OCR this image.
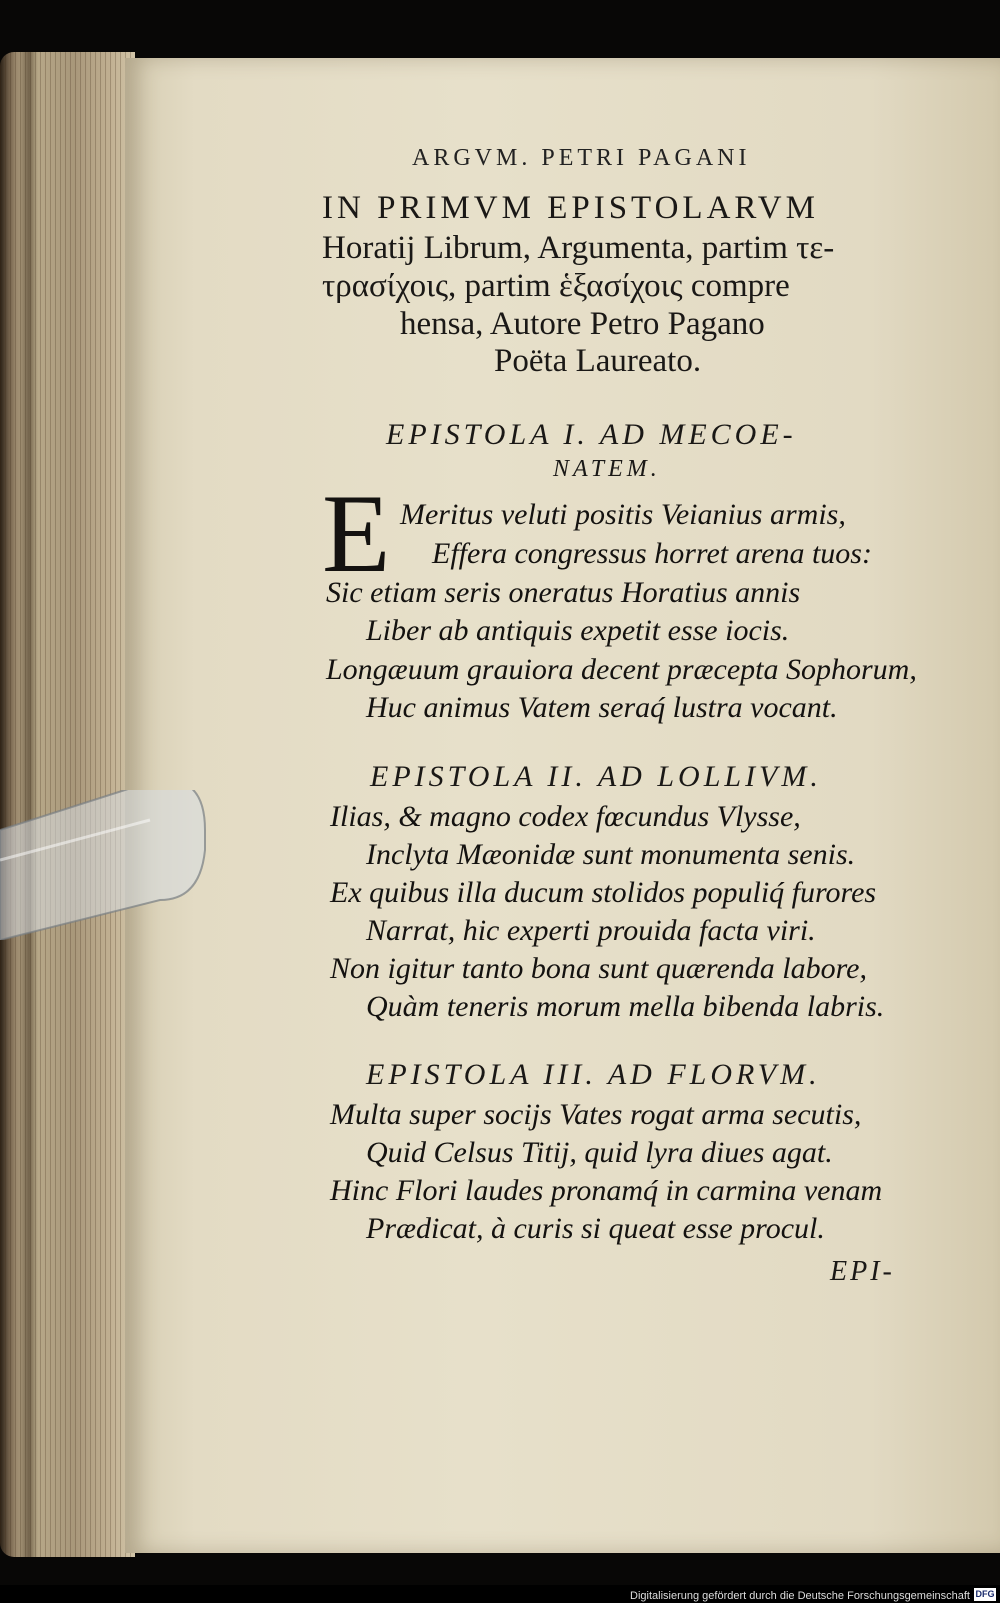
ARGVM. PETRI PAGANI
IN PRIMVM EPISTOLARVM
Horatij Librum, Argumenta, partim τε-
τρασίχοις, partim ἑξασίχοις compre
hensa, Autore Petro Pagano
Poëta Laureato.
EPISTOLA I. AD MECOE-
NATEM.
E Meritus veluti positis Veianius armis,
Effera congressus horret arena tuos:
Sic etiam seris oneratus Horatius annis
Liber ab antiquis expetit esse iocis.
Longæuum grauiora decent præcepta Sophorum,
Huc animus Vatem seraq́ lustra vocant.
EPISTOLA II. AD LOLLIVM.
Ilias, & magno codex fœcundus Vlysse,
Inclyta Mæonidæ sunt monumenta senis.
Ex quibus illa ducum stolidos populiq́ furores
Narrat, hic experti prouida facta viri.
Non igitur tanto bona sunt quærenda labore,
Quàm teneris morum mella bibenda labris.
EPISTOLA III. AD FLORVM.
Multa super socijs Vates rogat arma secutis,
Quid Celsus Titij, quid lyra diues agat.
Hinc Flori laudes pronamq́ in carmina venam
Prædicat, à curis si queat esse procul.
EPI-
Digitalisierung gefördert durch die Deutsche Forschungsgemeinschaft DFG
